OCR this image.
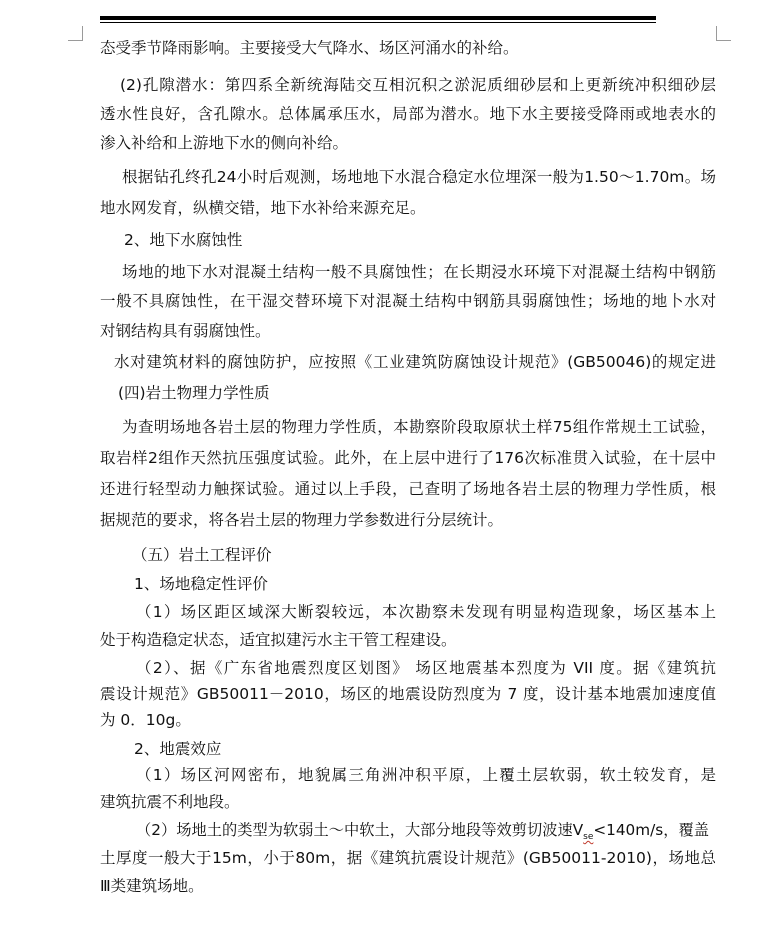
态受季节降雨影响。主要接受大气降水、场区河涌水的补给。
(2)孔隙潜水：第四系全新统海陆交互相沉积之淤泥质细砂层和上更新统冲积细砂层
透水性良好，含孔隙水。总体属承压水，局部为潜水。地下水主要接受降雨或地表水的
渗入补给和上游地下水的侧向补给。
根据钻孔终孔24小时后观测，场地地下水混合稳定水位埋深一般为1.50～1.70m。场
地水网发育，纵横交错，地下水补给来源充足。
2、地下水腐蚀性
场地的地下水对混凝土结构一般不具腐蚀性；在长期浸水环境下对混凝土结构中钢筋
一般不具腐蚀性，在干湿交替环境下对混凝土结构中钢筋具弱腐蚀性；场地的地卜水对
对钢结构具有弱腐蚀性。
水对建筑材料的腐蚀防护，应按照《工业建筑防腐蚀设计规范》(GB50046)的规定进
(四)岩土物理力学性质
为查明场地各岩土层的物理力学性质，本勘察阶段取原状土样75组作常规土工试验，
取岩样2组作天然抗压强度试验。此外，在上层中进行了176次标准贯入试验，在十层中
还进行轻型动力触探试验。通过以上手段，己查明了场地各岩土层的物理力学性质，根
据规范的要求，将各岩土层的物理力学参数进行分层统计。
（五）岩土工程评价
1、场地稳定性评价
（1）场区距区域深大断裂较远，本次勘察未发现有明显构造现象，场区基本上
处于构造稳定状态，适宜拟建污水主干管工程建设。
（2）、据《广东省地震烈度区划图》 场区地震基本烈度为 VII 度。据《建筑抗
震设计规范》GB50011－2010，场区的地震设防烈度为 7 度，设计基本地震加速度值
为 0．10g。
2、地震效应
（1）场区河网密布，地貌属三角洲冲积平原，上覆土层软弱，软土较发育，是
建筑抗震不利地段。
（2）场地土的类型为软弱土～中软土，大部分地段等效剪切波速$V_{se}<140m/s$，覆盖
土厚度一般大于15m，小于80m，据《建筑抗震设计规范》(GB50011-2010)，场地总
Ⅲ类建筑场地。
